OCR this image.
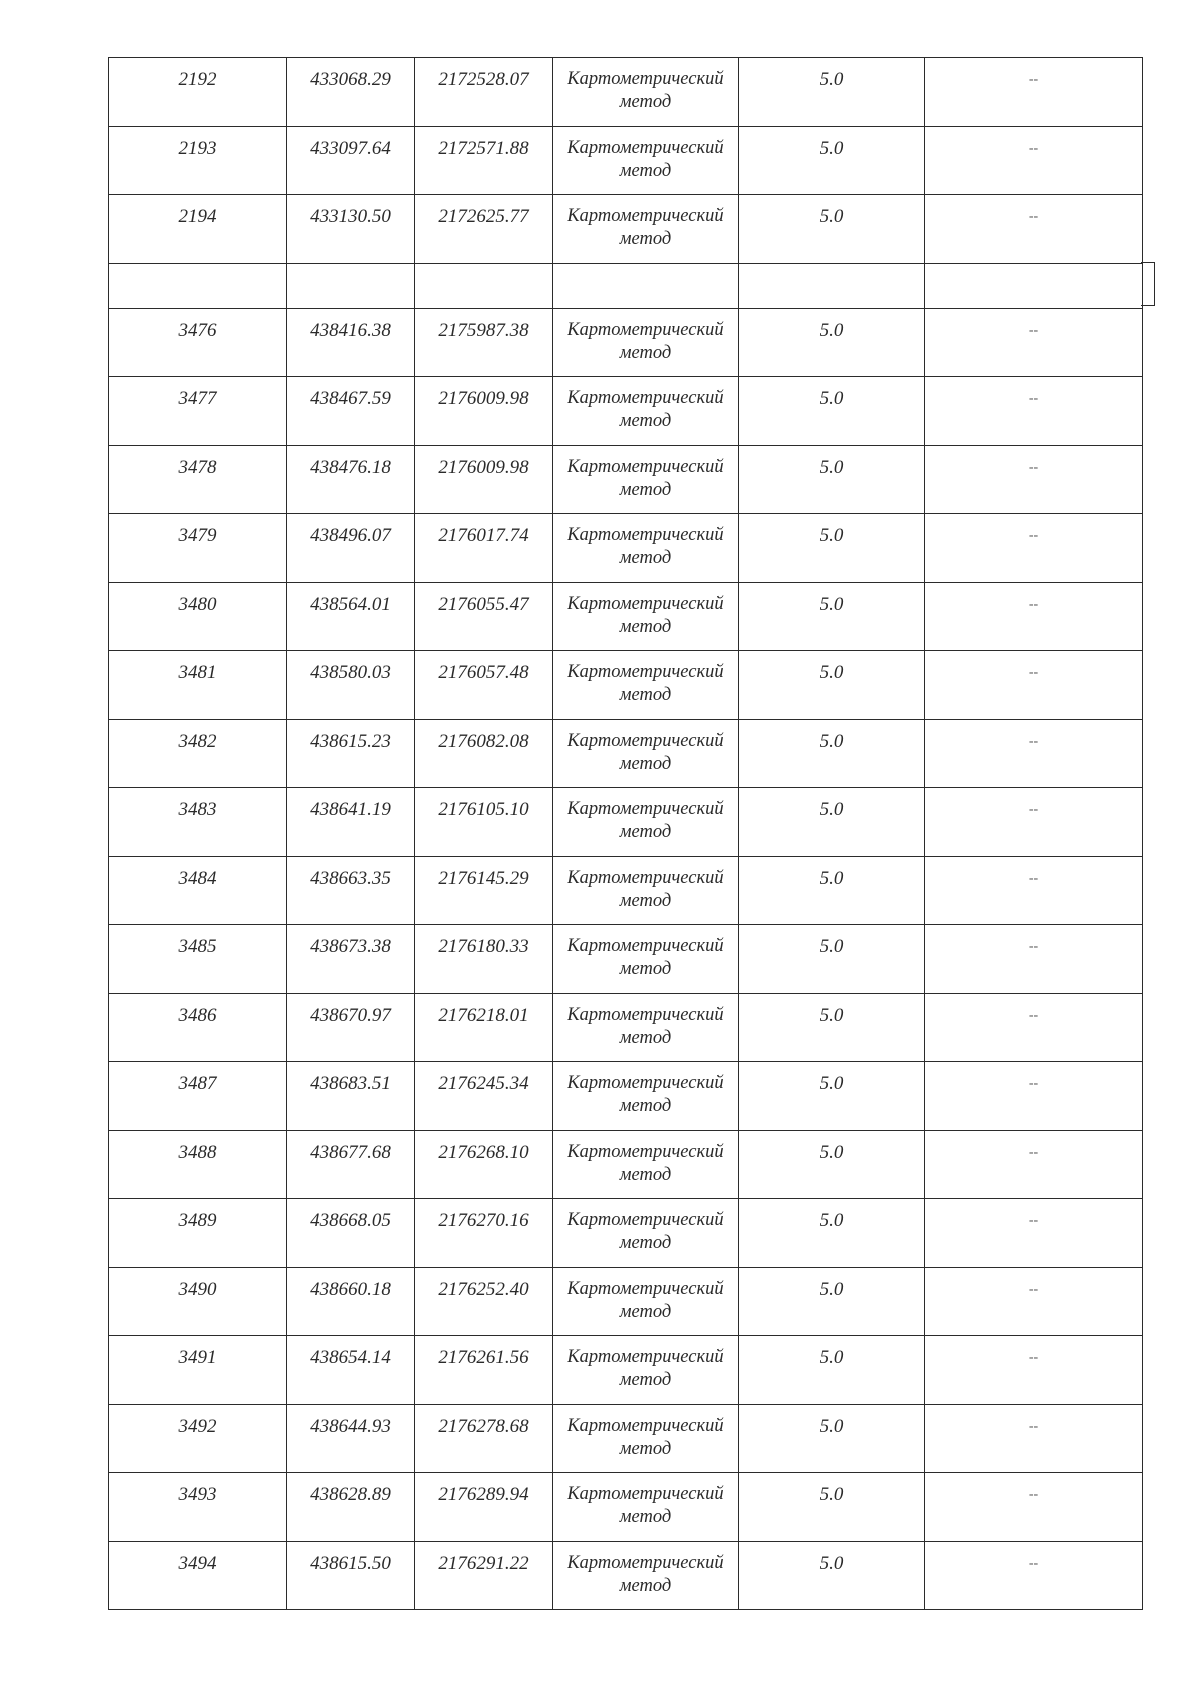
2192	433068.29	2172528.07	Картометрический метод	5.0	--
2193	433097.64	2172571.88	Картометрический метод	5.0	--
2194	433130.50	2172625.77	Картометрический метод	5.0	--

3476	438416.38	2175987.38	Картометрический метод	5.0	--
3477	438467.59	2176009.98	Картометрический метод	5.0	--
3478	438476.18	2176009.98	Картометрический метод	5.0	--
3479	438496.07	2176017.74	Картометрический метод	5.0	--
3480	438564.01	2176055.47	Картометрический метод	5.0	--
3481	438580.03	2176057.48	Картометрический метод	5.0	--
3482	438615.23	2176082.08	Картометрический метод	5.0	--
3483	438641.19	2176105.10	Картометрический метод	5.0	--
3484	438663.35	2176145.29	Картометрический метод	5.0	--
3485	438673.38	2176180.33	Картометрический метод	5.0	--
3486	438670.97	2176218.01	Картометрический метод	5.0	--
3487	438683.51	2176245.34	Картометрический метод	5.0	--
3488	438677.68	2176268.10	Картометрический метод	5.0	--
3489	438668.05	2176270.16	Картометрический метод	5.0	--
3490	438660.18	2176252.40	Картометрический метод	5.0	--
3491	438654.14	2176261.56	Картометрический метод	5.0	--
3492	438644.93	2176278.68	Картометрический метод	5.0	--
3493	438628.89	2176289.94	Картометрический метод	5.0	--
3494	438615.50	2176291.22	Картометрический метод	5.0	--
